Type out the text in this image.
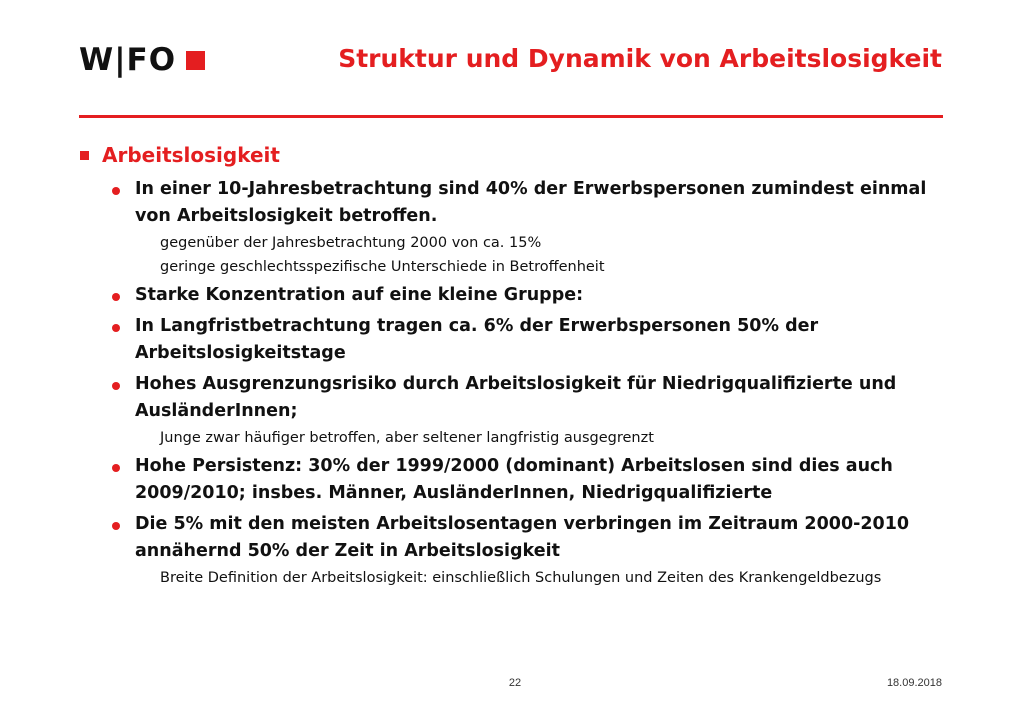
W|FO	Struktur und Dynamik von Arbeitslosigkeit
Arbeitslosigkeit
In einer 10-Jahresbetrachtung sind 40% der Erwerbspersonen zumindest einmal von Arbeitslosigkeit betroffen.
gegenüber der Jahresbetrachtung 2000 von ca. 15%
geringe geschlechtsspezifische Unterschiede in Betroffenheit
Starke Konzentration auf eine kleine Gruppe:
In Langfristbetrachtung tragen ca. 6% der Erwerbspersonen 50% der Arbeitslosigkeitstage
Hohes Ausgrenzungsrisiko durch Arbeitslosigkeit für Niedrigqualifizierte und AusländerInnen;
Junge zwar häufiger betroffen, aber seltener langfristig ausgegrenzt
Hohe Persistenz: 30% der 1999/2000 (dominant) Arbeitslosen sind dies auch 2009/2010; insbes. Männer, AusländerInnen, Niedrigqualifizierte
Die 5% mit den meisten Arbeitslosentagen verbringen im Zeitraum 2000-2010 annähernd 50% der Zeit in Arbeitslosigkeit
Breite Definition der Arbeitslosigkeit: einschließlich Schulungen und Zeiten des Krankengeldbezugs
22	18.09.2018
